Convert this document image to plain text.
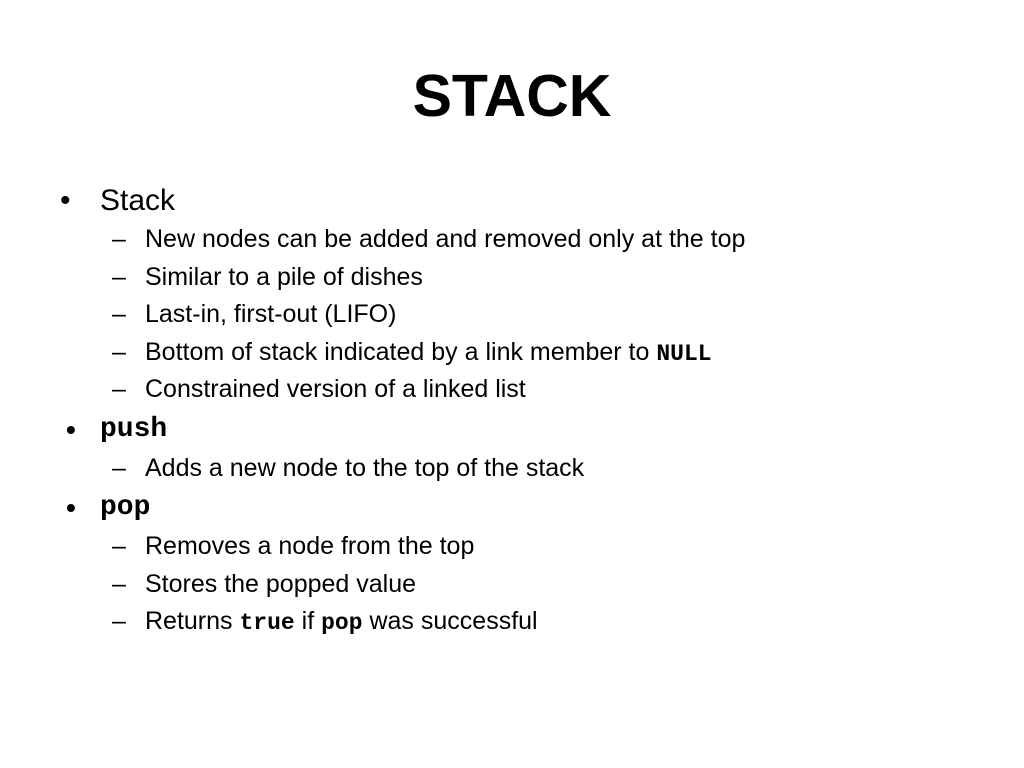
STACK
• Stack
– New nodes can be added and removed only at the top
– Similar to a pile of dishes
– Last-in, first-out (LIFO)
– Bottom of stack indicated by a link member to NULL
– Constrained version of a linked list
• push
– Adds a new node to the top of the stack
• pop
– Removes a node from the top
– Stores the popped value
– Returns true if pop was successful
